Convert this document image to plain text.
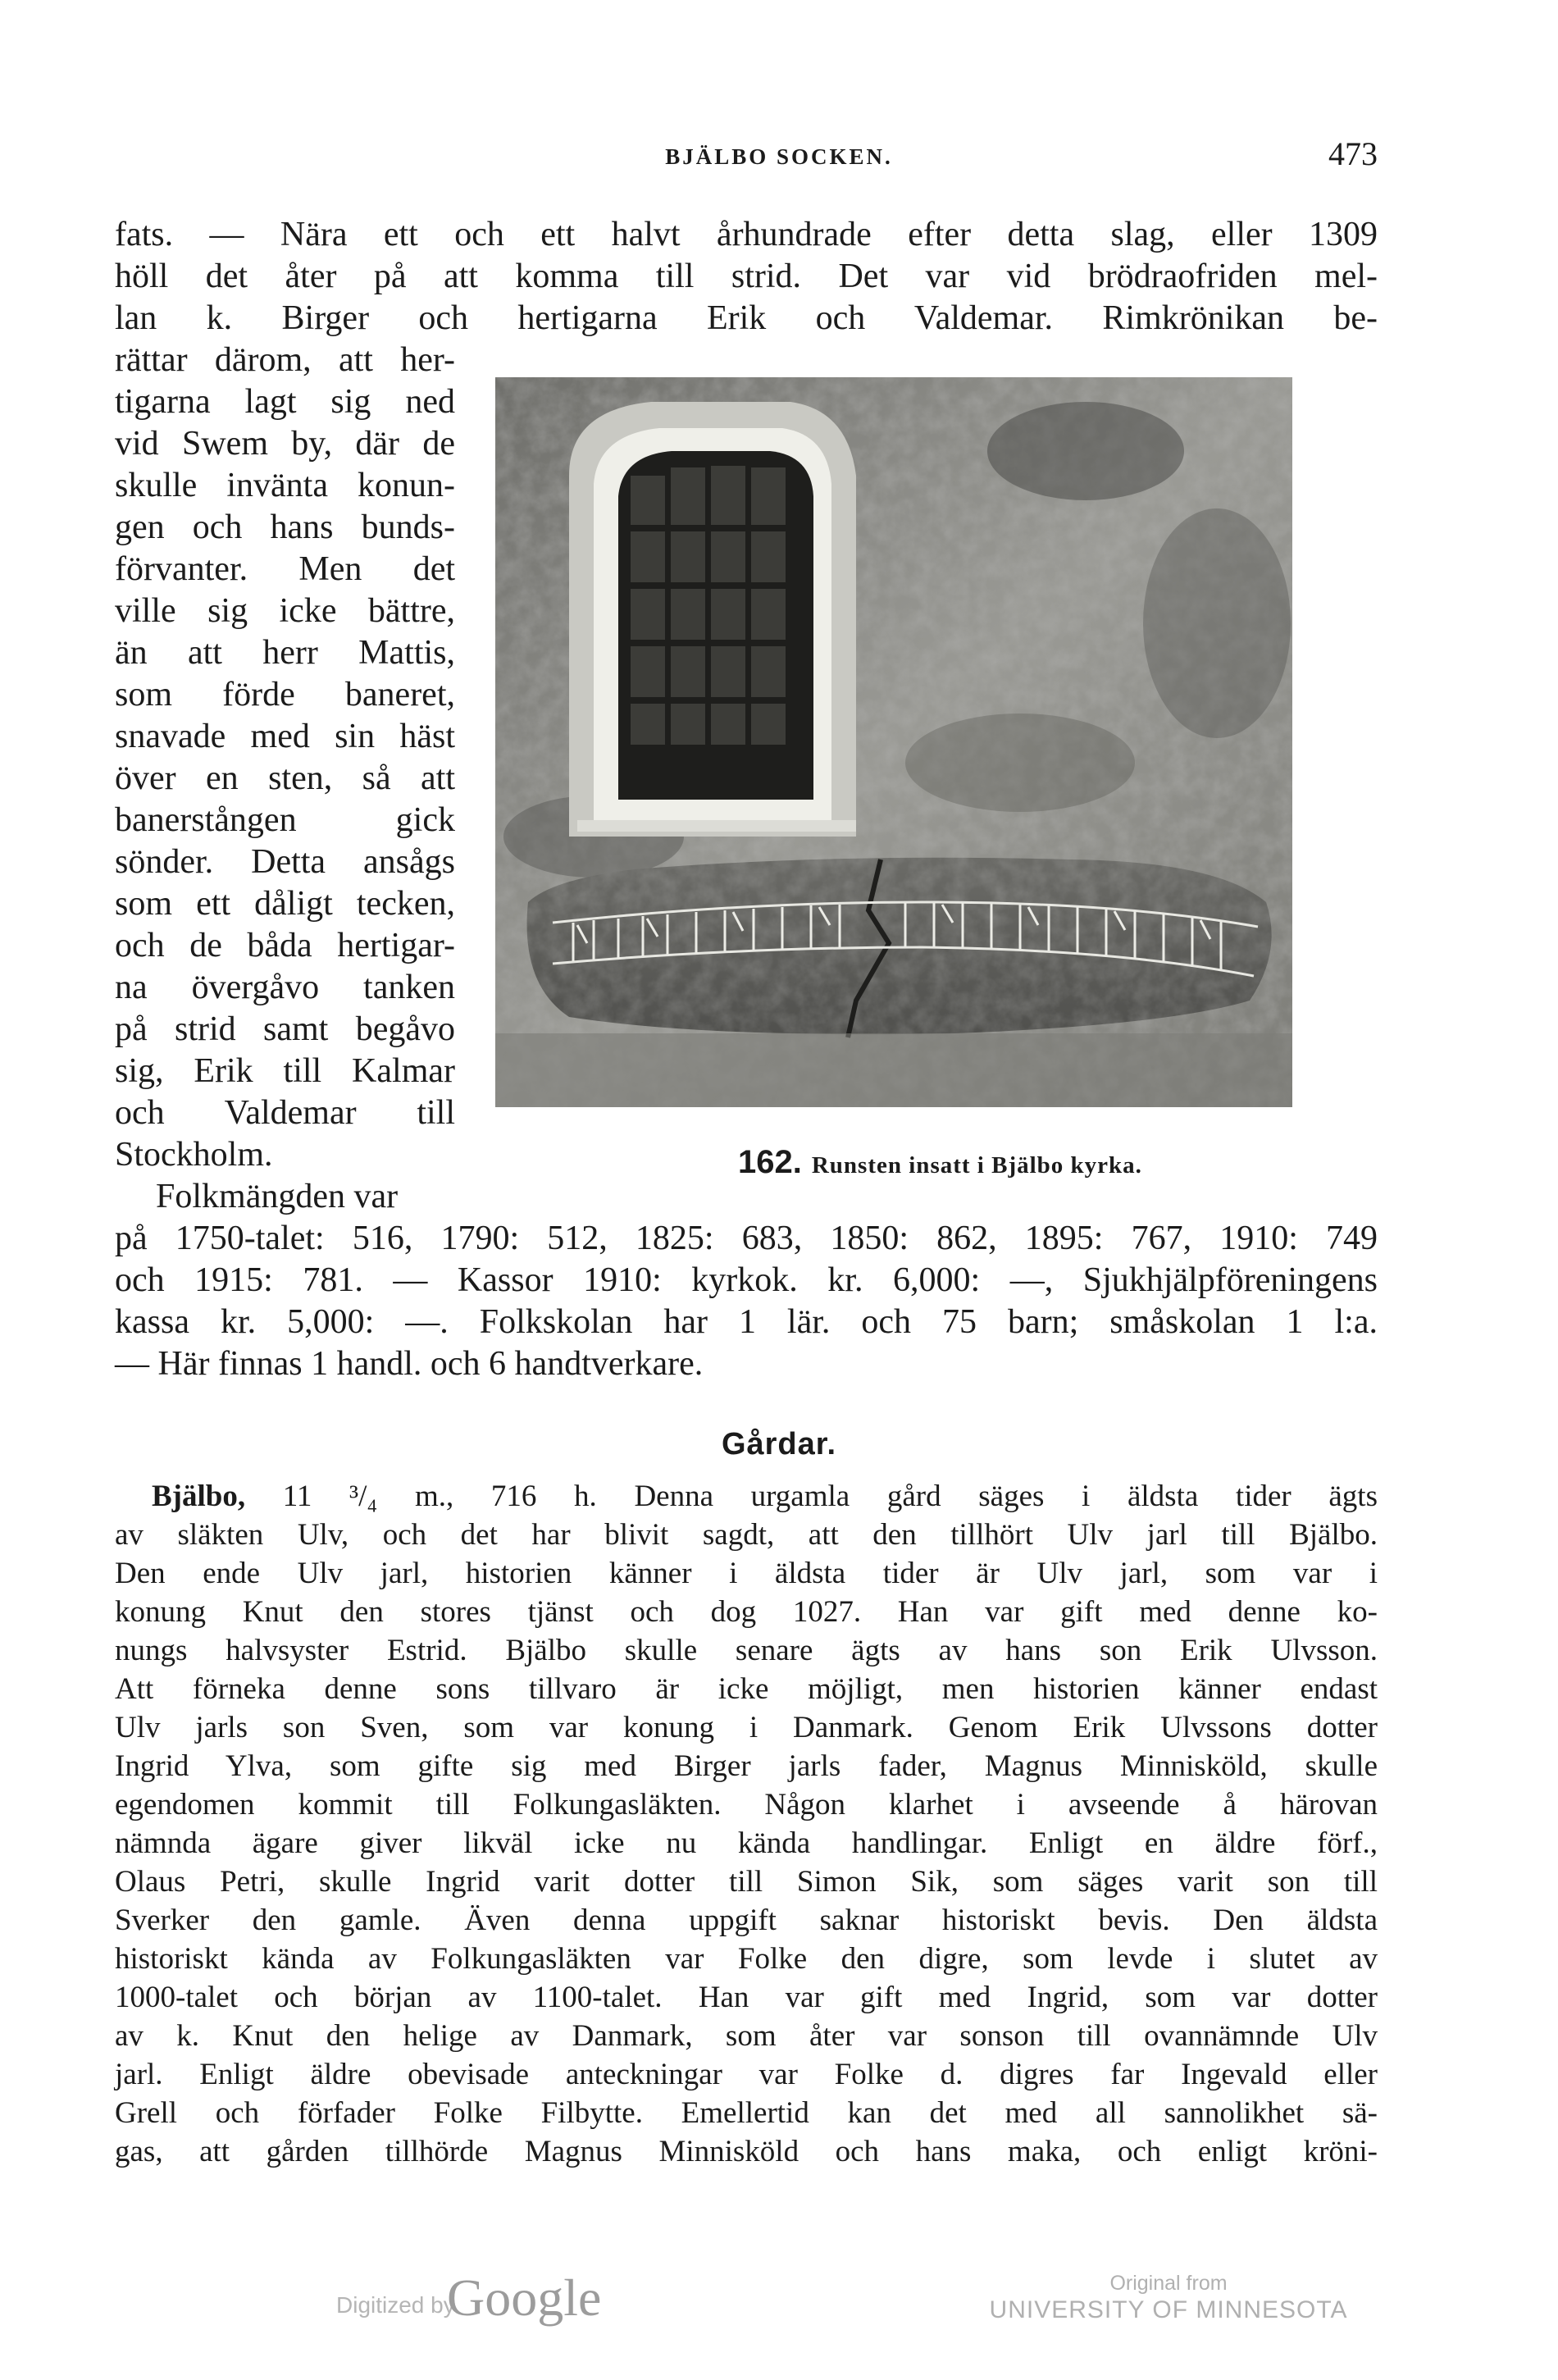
BJÄLBO SOCKEN.	473
fats. — Nära ett och ett halvt århundrade efter detta slag, eller 1309
höll det åter på att komma till strid. Det var vid brödraofriden mel-
lan k. Birger och hertigarna Erik och Valdemar. Rimkrönikan be-
rättar därom, att her-
tigarna lagt sig ned
vid Swem by, där de
skulle invänta konun-
gen och hans bunds-
förvanter. Men det
ville sig icke bättre,
än att herr Mattis,
som förde baneret,
snavade med sin häst
över en sten, så att
banerstången gick
sönder. Detta ansågs
som ett dåligt tecken,
och de båda hertigar-
na övergåvo tanken
på strid samt begåvo
sig, Erik till Kalmar
och Valdemar till
Stockholm.
Folkmängden var
162. Runsten insatt i Bjälbo kyrka.
på 1750-talet: 516, 1790: 512, 1825: 683, 1850: 862, 1895: 767, 1910: 749
och 1915: 781. — Kassor 1910: kyrkok. kr. 6,000: —, Sjukhjälpföreningens
kassa kr. 5,000: —. Folkskolan har 1 lär. och 75 barn; småskolan 1 l:a.
— Här finnas 1 handl. och 6 handtverkare.
Gårdar.
Bjälbo, 11 ³/₄ m., 716 h. Denna urgamla gård säges i äldsta tider ägts
av släkten Ulv, och det har blivit sagdt, att den tillhört Ulv jarl till Bjälbo.
Den ende Ulv jarl, historien känner i äldsta tider är Ulv jarl, som var i
konung Knut den stores tjänst och dog 1027. Han var gift med denne ko-
nungs halvsyster Estrid. Bjälbo skulle senare ägts av hans son Erik Ulvsson.
Att förneka denne sons tillvaro är icke möjligt, men historien känner endast
Ulv jarls son Sven, som var konung i Danmark. Genom Erik Ulvssons dotter
Ingrid Ylva, som gifte sig med Birger jarls fader, Magnus Minnisköld, skulle
egendomen kommit till Folkungasläkten. Någon klarhet i avseende å härovan
nämnda ägare giver likväl icke nu kända handlingar. Enligt en äldre förf.,
Olaus Petri, skulle Ingrid varit dotter till Simon Sik, som säges varit son till
Sverker den gamle. Även denna uppgift saknar historiskt bevis. Den äldsta
historiskt kända av Folkungasläkten var Folke den digre, som levde i slutet av
1000-talet och början av 1100-talet. Han var gift med Ingrid, som var dotter
av k. Knut den helige av Danmark, som åter var sonson till ovannämnde Ulv
jarl. Enligt äldre obevisade anteckningar var Folke d. digres far Ingevald eller
Grell och förfader Folke Filbytte. Emellertid kan det med all sannolikhet sä-
gas, att gården tillhörde Magnus Minnisköld och hans maka, och enligt kröni-
Digitized by
Google	Original from
UNIVERSITY OF MINNESOTA
